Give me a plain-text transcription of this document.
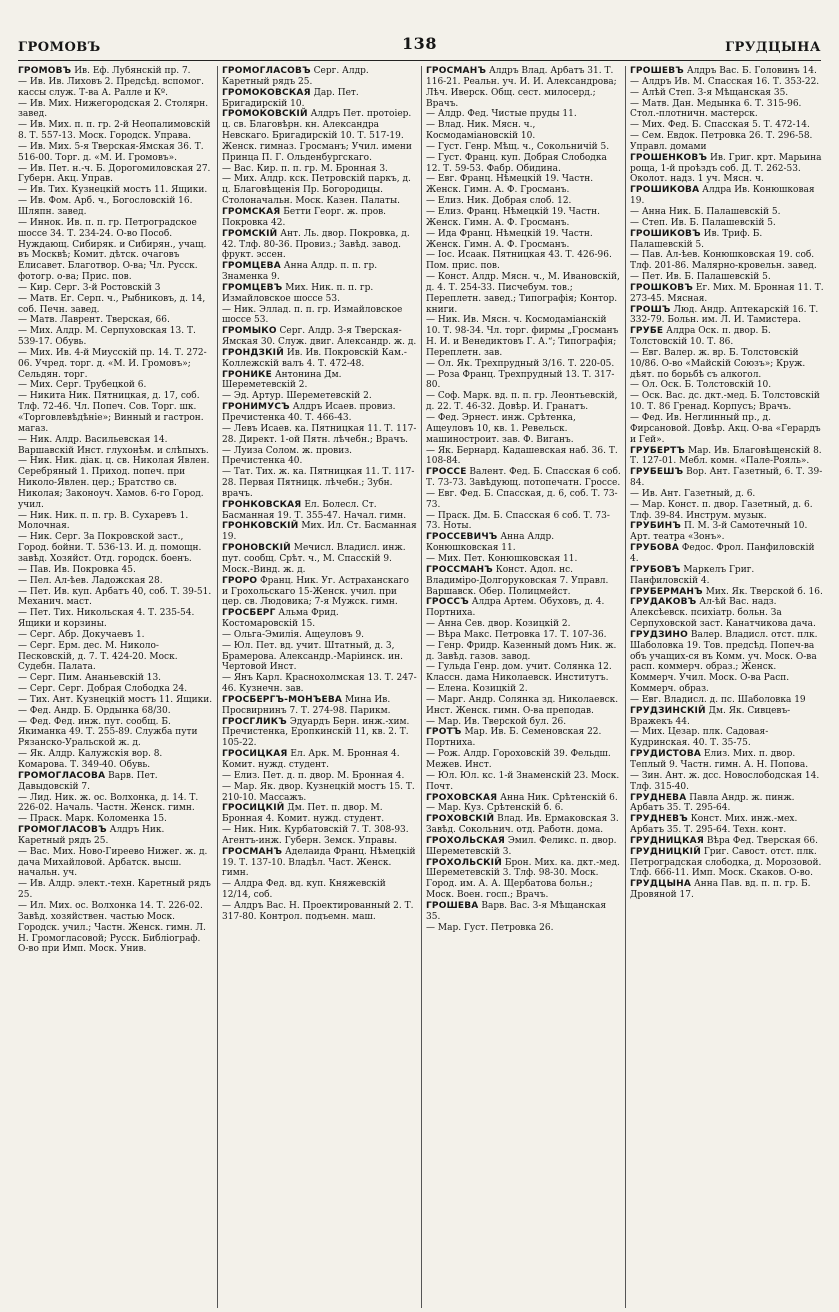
ГРОМОВЪ	138	ГРУДЦЫНА

ГРОМОВЪ Ив. Еф. Лубянскій пр. 7.

— Ив. Ив. Лиховъ 2. Предсѣд. вспомог. кассы служ. Т-ва А. Ралле и Кº.

— Ив. Мих. Нижегородская 2. Столярн. завед.

— Ив. Мих. п. п. гр. 2-й Неопалимовскій 8. Т. 557-13. Моск. Городск. Управа.

— Ив. Мих. 5-я Тверская-Ямская 36. Т. 516-00. Торг. д. «М. И. Громовъ».

— Ив. Пет. н.-ч. Б. Дорогомиловская 27. Губерн. Акц. Управ.

— Ив. Тих. Кузнецкій мостъ 11. Ящики.

— Ив. Фом. Арб. ч., Богословскій 16. Шляпн. завед.

— Иннок. Ив. п. п. гр. Петроградское шоссе 34. Т. 234-24. О-во Пособ. Нуждающ. Сибиряк. и Сибирян., учащ. въ Москвѣ; Комит. дѣтск. очаговъ Елисавет. Благотвор. О-ва; Чл. Русск. фотогр. о-ва; Прис. пов.

— Кир. Серг. 3-й Ростовскій 3

— Матв. Ег. Серп. ч., Рыбниковъ, д. 14, соб. Печн. завед.

— Матв. Лаврент. Тверская, 66.

— Мих. Алдр. М. Серпуховская 13. Т. 539-17. Обувь.

— Мих. Ив. 4-й Миусскій пр. 14. Т. 272-06. Учред. торг. д. «М. И. Громовъ»; Сельдян. торг.

— Мих. Серг. Трубецкой 6.

— Никита Ник. Пятницкая, д. 17, соб. Тлф. 72-46. Чл. Попеч. Сов. Торг. шк. «Торговлевѣдѣніе»; Винный и гастрон. магаз.

— Ник. Алдр. Васильевская 14. Варшавскій Инст. глухонѣм. и слѣпыхъ.

— Ник. Ник. діак. ц. св. Николая Явлен. Серебряный 1. Приход. попеч. при Николо-Явлен. цер.; Братство св. Николая; Законоуч. Хамов. 6-го Город. учил.

— Ник. Ник. п. п. гр. В. Сухаревъ 1. Молочная.

— Ник. Серг. За Покровской заст., Город. бойни. Т. 536-13. И. д. помощн. завѣд. Хозяйст. Отд. городск. боенъ.

— Пав. Ив. Покровка 45.

— Пел. Ал-ѣев. Ладожская 28.

— Пет. Ив. куп. Арбатъ 40, соб. Т. 39-51. Механич. маст.

— Пет. Тих. Никольская 4. Т. 235-54. Ящики и корзины.

— Серг. Абр. Докучаевъ 1.

— Серг. Ерм. дес. М. Николо-Песковскій, д. 7. Т. 424-20. Моск. Судебн. Палата.

— Серг. Пим. Ананьевскій 13.

— Серг. Серг. Добрая Слободка 24.

— Тих. Ант. Кузнецкій мостъ 11. Ящики.

— Фед. Андр. Б. Ордынка 68/30.

— Фед. Фед. инж. пут. сообщ. Б. Якиманка 49. Т. 255-89. Служба пути Рязанско-Уральской ж. д.

— Як. Алдр. Калужскія вор. 8. Комарова. Т. 349-40. Обувь.

ГРОМОГЛАСОВА Варв. Пет. Давыдовскій 7.

— Лид. Ник. ж. ос. Волхонка, д. 14. Т. 226-02. Началь. Частн. Женск. гимн.

— Праск. Марк. Коломенка 15.

ГРОМОГЛАСОВЪ Алдръ Ник. Каретный рядъ 25.

— Вас. Мих. Ново-Гиреево Нижег. ж. д. дача Михайловой. Арбатск. высш. начальн. уч.

— Ив. Алдр. элект.-техн. Каретный рядъ 25.

— Ил. Мих. ос. Волхонка 14. Т. 226-02. Завѣд. хозяйствен. частью Моск. Городск. учил.; Частн. Женск. гимн. Л. Н. Громогласовой; Русск. Библіограф. О-во при Имп. Моск. Унив.

ГРОМОГЛАСОВЪ Серг. Алдр. Каретный рядъ 25.

ГРОМОКОВСКАЯ Дар. Пет. Бригадирскій 10.

ГРОМОКОВСКІЙ Алдръ Пет. протоіер. ц. св. Благовѣрн. кн. Александра Невскаго. Бригадирскій 10. Т. 517-19. Женск. гимназ. Гросманъ; Учил. имени Принца П. Г. Ольденбургскаго.

— Вас. Кир. п. п. гр. М. Бронная 3.

— Мих. Алдр. кск. Петровскій паркъ, д. ц. Благовѣщенія Пр. Богородицы. Столоначальн. Моск. Казен. Палаты.

ГРОМСКАЯ Бетти Георг. ж. пров. Покровка 42.

ГРОМСКІЙ Ант. Ль. двор. Покровка, д. 42. Тлф. 80-36. Провиз.; Завѣд. завод. фрукт. эссен.

ГРОМЦЕВА Анна Алдр. п. п. гр. Знаменка 9.

ГРОМЦЕВЪ Мих. Ник. п. п. гр. Измайловское шоссе 53.

— Ник. Эллад. п. п. гр. Измайловское шоссе 53.

ГРОМЫКО Серг. Алдр. 3-я Тверская-Ямская 30. Служ. двиг. Александр. ж. д.

ГРОНДЗКІЙ Ив. Ив. Покровскій Кам.-Коллежскій валъ 4. Т. 472-48.

ГРОНИКЕ Антонина Дм. Шереметевскій 2.

— Эд. Артур. Шереметевскій 2.

ГРОНИМУСЪ Алдръ Исаев. провиз. Пречистенка 40. Т. 466-43.

— Левъ Исаев. ка. Пятницкая 11. Т. 117-28. Директ. 1-ой Пятн. лѣчебн.; Врачъ.

— Луиза Солом. ж. провиз. Пречистенка 40.

— Тат. Тих. ж. ка. Пятницкая 11. Т. 117-28. Первая Пятницк. лѣчебн.; Зубн. врачъ.

ГРОНКОВСКАЯ Ел. Болесл. Ст. Басманная 19. Т. 355-47. Начал. гимн.

ГРОНКОВСКІЙ Мих. Ил. Ст. Басманная 19.

ГРОНОВСКІЙ Мечисл. Владисл. инж. пут. сообщ. Срѣт. ч., М. Спасскій 9. Моск.-Винд. ж. д.

ГРОРО Франц. Ник. Уг. Астраханскаго и Грохольскаго 15-Женск. учил. при цер. св. Людовика; 7-я Мужск. гимн.

ГРОСБЕРГ Альма Фрид. Костомаровскій 15.

— Ольга-Эмилія. Ащеуловъ 9.

— Юл. Пет. вд. учит. Штатный, д. 3, Брамерова. Александр.-Маріинск. ин. Чертовой Инст.

— Янъ Карл. Краснохолмская 13. Т. 247-46. Кузнечн. зав.

ГРОСБЕРГЪ-МОНЪЕВА Мина Ив. Просвирнинъ 7. Т. 274-98. Парикм.

ГРОСГЛИКЪ Эдуардъ Берн. инж.-хим. Пречистенка, Еропкинскій 11, кв. 2. Т. 105-22.

ГРОСИЦКАЯ Ел. Арк. М. Бронная 4. Комит. нужд. студент.

— Елиз. Пет. д. п. двор. М. Бронная 4.

— Мар. Як. двор. Кузнецкій мостъ 15. Т. 210-10. Массажъ.

ГРОСИЦКІЙ Дм. Пет. п. двор. М. Бронная 4. Комит. нужд. студент.

— Ник. Ник. Курбатовскій 7. Т. 308-93. Агентъ-инж. Губерн. Земск. Управы.

ГРОСМАНЪ Аделаида Франц. Нѣмецкій 19. Т. 137-10. Владѣл. Част. Женск. гимн.

— Алдра Фед. вд. куп. Княжевскій 12/14, соб.

— Алдръ Вас. Н. Проектированный 2. Т. 317-80. Контрол. подъемн. маш.

ГРОСМАНЪ Алдръ Влад. Арбатъ 31. Т. 116-21. Реальн. уч. И. И. Александрова; Лѣч. Иверск. Общ. сест. милосерд.; Врачъ.

— Алдр. Фед. Чистые пруды 11.

— Влад. Ник. Мясн. ч., Космодаміановскій 10.

— Густ. Генр. Мѣщ. ч., Сокольничій 5.

— Густ. Франц. куп. Добрая Слободка 12. Т. 59-53. Фабр. Обидина.

— Евг. Франц. Нѣмецкій 19. Частн. Женск. Гимн. А. Ф. Гросманъ.

— Елиз. Ник. Добрая слоб. 12.

— Елиз. Франц. Нѣмецкій 19. Частн. Женск. Гимн. А. Ф. Гросманъ.

— Ида Франц. Нѣмецкій 19. Частн. Женск. Гимн. А. Ф. Гросманъ.

— Іос. Исаак. Пятницкая 43. Т. 426-96. Пом. прис. пов.

— Конст. Алдр. Мясн. ч., М. Ивановскій, д. 4. Т. 254-33. Писчебум. тов.; Переплетн. завед.; Типографія; Контор. книги.

— Ник. Ив. Мясн. ч. Космодаміанскій 10. Т. 98-34. Чл. торг. фирмы „Гросманъ Н. И. и Венедиктовъ Г. А.“; Типографія; Переплетн. зав.

— Ол. Як. Трехпрудный 3/16. Т. 220-05.

— Роза Франц. Трехпрудный 13. Т. 317-80.

— Соф. Марк. вд. п. п. гр. Леонтьевскій, д. 22. Т. 46-32. Довѣр. И. Гранатъ.

— Фед. Эрнест. инж. Срѣтенка, Ащеуловъ 10, кв. 1. Ревельск. машиностроит. зав. Ф. Виганъ.

— Як. Бернард. Кадашевская наб. 36. Т. 108-84.

ГРОССЕ Валент. Фед. Б. Спасская 6 соб. Т. 73-73. Завѣдующ. потопечатн. Гроссе.

— Евг. Фед. Б. Спасская, д. 6, соб. Т. 73-73.

— Праск. Дм. Б. Спасская 6 соб. Т. 73-73. Ноты.

ГРОССЕВИЧЪ Анна Алдр. Конюшковская 11.

— Мих. Пет. Конюшковская 11.

ГРОССМАНЪ Конст. Адол. нс. Владиміро-Долгоруковская 7. Управл. Варшавск. Обер. Полицмейст.

ГРОССЪ Алдра Артем. Обуховъ, д. 4. Портниха.

— Анна Сев. двор. Козицкій 2.

— Вѣра Макс. Петровка 17. Т. 107-36.

— Генр. Фридр. Казенный домъ Ник. ж. д. Завѣд. газов. завод.

— Гульда Генр. дом. учит. Солянка 12. Классн. дама Николаевск. Институтъ.

— Елена. Козицкій 2.

— Марг. Андр. Солянка зд. Николаевск. Инст. Женск. гимн. О-ва преподав.

— Мар. Ив. Тверской бул. 26.

ГРОТЪ Мар. Ив. Б. Семеновская 22. Портниха.

— Рож. Алдр. Гороховскій 39. Фельдш. Межев. Инст.

— Юл. Юл. кс. 1-й Знаменскій 23. Моск. Почт.

ГРОХОВСКАЯ Анна Ник. Срѣтенскій 6.

— Мар. Куз. Срѣтенскій б. 6.

ГРОХОВСКІЙ Влад. Ив. Ермаковская 3. Завѣд. Сокольнич. отд. Работн. дома.

ГРОХОЛЬСКАЯ Эмил. Феликс. п. двор. Шереметевскій 3.

ГРОХОЛЬСКІЙ Брон. Мих. ка. дкт.-мед. Шереметевскій 3. Тлф. 98-30. Моск. Город. им. А. А. Щербатова больн.; Моск. Воен. госп.; Врачъ.

ГРОШЕВА Варв. Вас. 3-я Мѣщанская 35.

— Мар. Густ. Петровка 26.

ГРОШЕВЪ Алдръ Вас. Б. Головинъ 14.

— Алдръ Ив. М. Спасская 16. Т. 353-22.

— Алѣй Степ. 3-я Мѣщанская 35.

— Матв. Дан. Медынка 6. Т. 315-96. Стол.-плотничн. мастерск.

— Мих. Фед. Б. Спасская 5. Т. 472-14.

— Сем. Евдок. Петровка 26. Т. 296-58. Управл. домами

ГРОШЕНКОВЪ Ив. Григ. крт. Марьина роща, 1-й проѣздъ соб. Д. Т. 262-53. Околот. надз. 1 уч. Мясн. ч.

ГРОШИКОВА Алдра Ив. Конюшковая 19.

— Анна Ник. Б. Палашевскій 5.

— Степ. Ив. Б. Палашевскій 5.

ГРОШИКОВЪ Ив. Триф. Б. Палашевскій 5.

— Пав. Ал-ѣев. Конюшковская 19. соб. Тлф. 201-86. Малярно-кровельн. завед.

— Пет. Ив. Б. Палашевскій 5.

ГРОШКОВЪ Ег. Мих. М. Бронная 11. Т. 273-45. Мясная.

ГРОШЪ Люд. Андр. Аптекарскій 16. Т. 332-79. Больн. им. Л. И. Тамистера.

ГРУБЕ Алдра Оск. п. двор. Б. Толстовскій 10. Т. 86.

— Евг. Валер. ж. вр. Б. Толстовскій 10/86. О-во «Майскій Союзъ»; Круж. дѣят. по борьбѣ съ алкогол.

— Ол. Оск. Б. Толстовскій 10.

— Оск. Вас. дс. дкт.-мед. Б. Толстовскій 10. Т. 86 Гренад. Корпусъ; Врачъ.

— Фед. Ив. Неглинный пр., д. Фирсановой. Довѣр. Акц. О-ва «Герардъ и Гей».

ГРУБЕРТЪ Мар. Ив. Благовѣщенскій 8. Т. 127-01. Мебл. комн. «Пале-Рояль».

ГРУБЕШЪ Вор. Ант. Газетный, 6. Т. 39-84.

— Ив. Ант. Газетный, д. 6.

— Мар. Конст. п. двор. Газетный, д. 6. Тлф. 39-84. Инструм. музык.

ГРУБИНЪ П. М. 3-й Самотечный 10. Арт. театра «Зонъ».

ГРУБОВА Федос. Фрол. Панфиловскій 4.

ГРУБОВЪ Маркелъ Григ. Панфиловскій 4.

ГРУБЕРМАНЪ Мих. Як. Тверской б. 16.

ГРУДАКОВЪ Ал-ѣй Вас. надз. Алексѣевск. психіатр. больн. За Серпуховской заст. Канатчикова дача.

ГРУДЗИНО Валер. Владисл. отст. плк. Шаболовка 19. Тов. предсѣд. Попеч-ва объ учащих-ся въ Комм. уч. Моск. О-ва расп. коммерч. образ.; Женск. Коммерч. Учил. Моск. О-ва Расп. Коммерч. образ.

— Евг. Владисл. д. пс. Шаболовка 19

ГРУДЗИНСКІЙ Дм. Як. Сивцевъ-Вражекъ 44.

— Мих. Цезар. плк. Садовая-Кудринская. 40. Т. 35-75.

ГРУДИСТОВА Елиз. Мих. п. двор. Теплый 9. Частн. гимн. А. Н. Попова.

— Зин. Ант. ж. дсс. Новослободская 14. Тлф. 315-40.

ГРУДНЕВА Павла Андр. ж. пинж. Арбатъ 35. Т. 295-64.

ГРУДНЕВЪ Конст. Мих. инж.-мех. Арбатъ 35. Т. 295-64. Техн. конт.

ГРУДНИЦКАЯ Вѣра Фед. Тверская 66.

ГРУДНИЦКІЙ Григ. Савост. отст. плк. Петроградская слободка, д. Морозовой. Тлф. 666-11. Имп. Моск. Скаков. О-во.

ГРУДЦЫНА Анна Пав. вд. п. п. гр. Б. Дровяной 17.
